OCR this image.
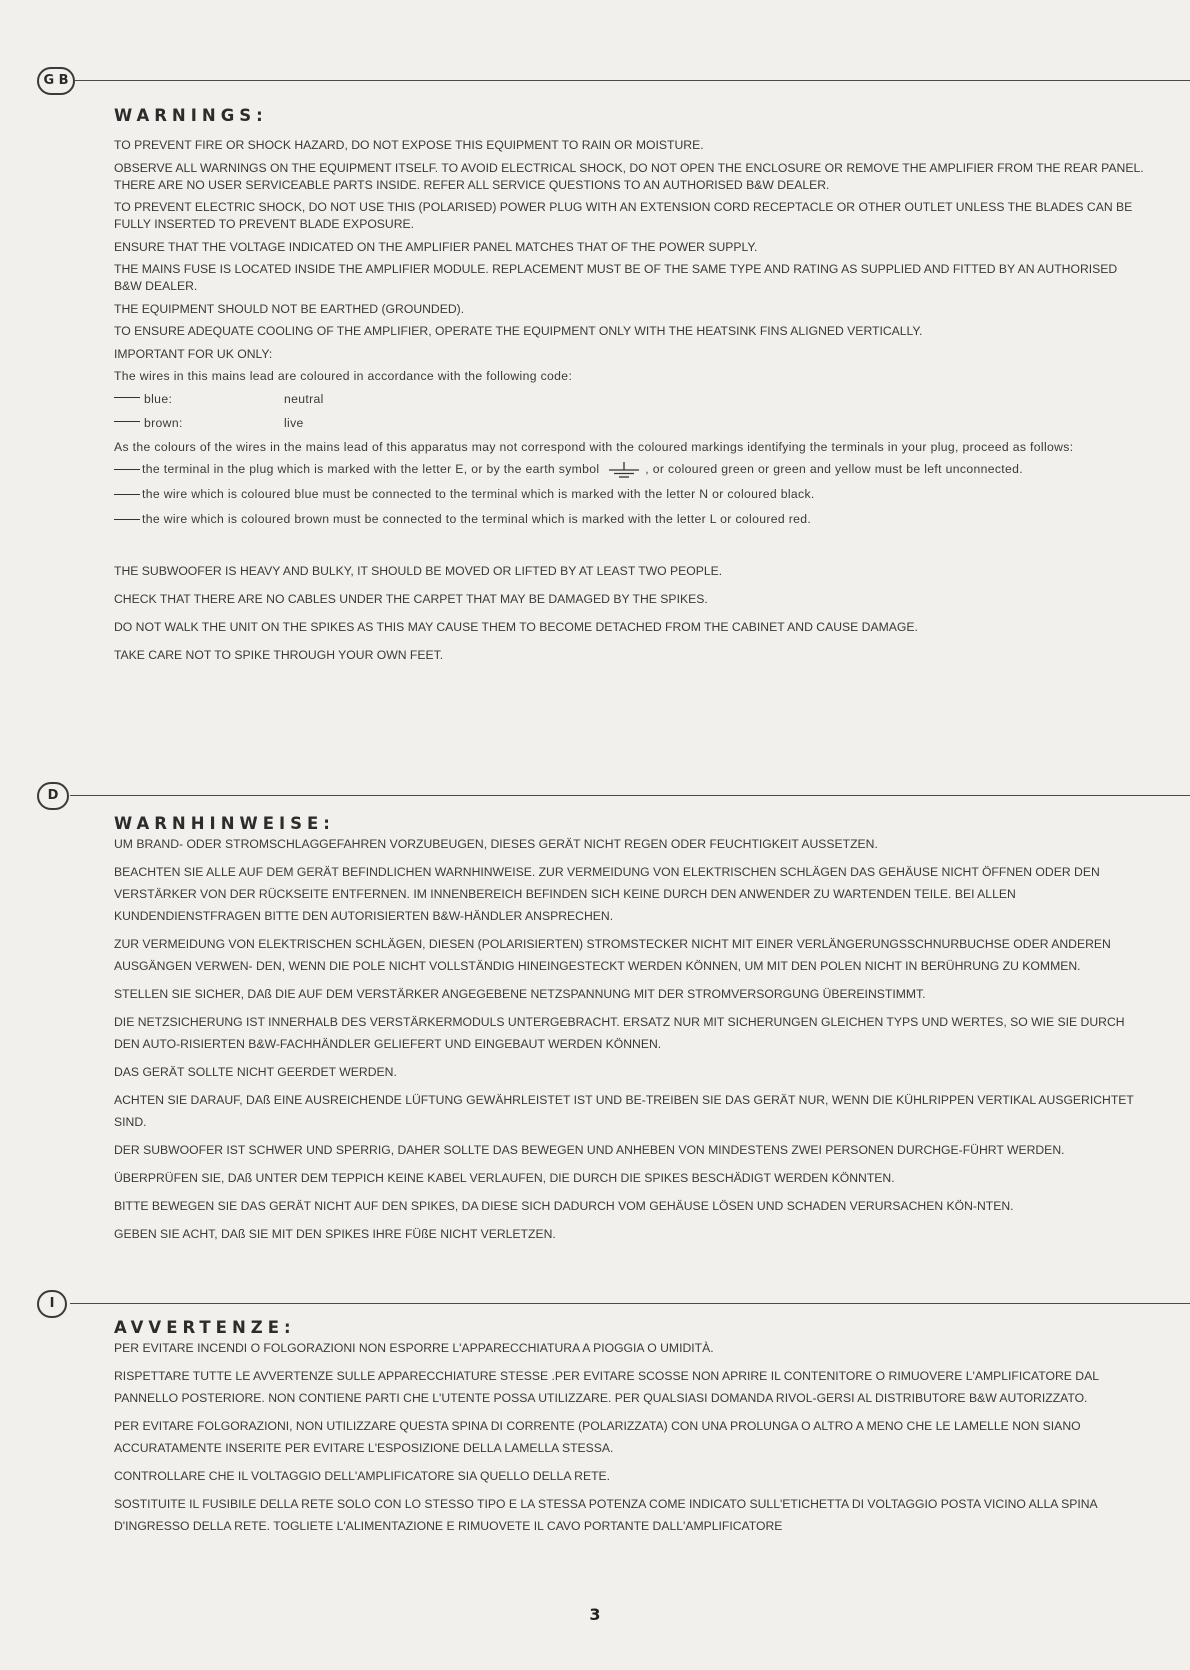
G B
WARNINGS:

TO PREVENT FIRE OR SHOCK HAZARD, DO NOT EXPOSE THIS EQUIPMENT TO RAIN OR MOISTURE.

OBSERVE ALL WARNINGS ON THE EQUIPMENT ITSELF. TO AVOID ELECTRICAL SHOCK, DO NOT OPEN THE ENCLOSURE OR REMOVE THE AMPLIFIER FROM THE REAR PANEL. THERE ARE NO USER SERVICEABLE PARTS INSIDE. REFER ALL SERVICE QUESTIONS TO AN AUTHORISED B&W DEALER.

TO PREVENT ELECTRIC SHOCK, DO NOT USE THIS (POLARISED) POWER PLUG WITH AN EXTENSION CORD RECEPTACLE OR OTHER OUTLET UNLESS THE BLADES CAN BE FULLY INSERTED TO PREVENT BLADE EXPOSURE.

ENSURE THAT THE VOLTAGE INDICATED ON THE AMPLIFIER PANEL MATCHES THAT OF THE POWER SUPPLY.

THE MAINS FUSE IS LOCATED INSIDE THE AMPLIFIER MODULE. REPLACEMENT MUST BE OF THE SAME TYPE AND RATING AS SUPPLIED AND FITTED BY AN AUTHORISED B&W DEALER.

THE EQUIPMENT SHOULD NOT BE EARTHED (GROUNDED).

TO ENSURE ADEQUATE COOLING OF THE AMPLIFIER, OPERATE THE EQUIPMENT ONLY WITH THE HEATSINK FINS ALIGNED VERTICALLY.

IMPORTANT FOR UK ONLY:

The wires in this mains lead are coloured in accordance with the following code:

blue:	neutral
brown:	live

As the colours of the wires in the mains lead of this apparatus may not correspond with the coloured markings identifying the terminals in your plug, proceed as follows:

the terminal in the plug which is marked with the letter E, or by the earth symbol	, or coloured green or green and yellow must be left unconnected.
the wire which is coloured blue must be connected to the terminal which is marked with the letter N or coloured black.
the wire which is coloured brown must be connected to the terminal which is marked with the letter L or coloured red.

THE SUBWOOFER IS HEAVY AND BULKY, IT SHOULD BE MOVED OR LIFTED BY AT LEAST TWO PEOPLE.

CHECK THAT THERE ARE NO CABLES UNDER THE CARPET THAT MAY BE DAMAGED BY THE SPIKES.

DO NOT WALK THE UNIT ON THE SPIKES AS THIS MAY CAUSE THEM TO BECOME DETACHED FROM THE CABINET AND CAUSE DAMAGE.

TAKE CARE NOT TO SPIKE THROUGH YOUR OWN FEET.

D
WARNHINWEISE:

UM BRAND- ODER STROMSCHLAGGEFAHREN VORZUBEUGEN, DIESES GERÄT NICHT REGEN ODER FEUCHTIGKEIT AUSSETZEN.

BEACHTEN SIE ALLE AUF DEM GERÄT BEFINDLICHEN WARNHINWEISE. ZUR VERMEIDUNG VON ELEKTRISCHEN SCHLÄGEN DAS GEHÄUSE NICHT ÖFFNEN ODER DEN VERSTÄRKER VON DER RÜCKSEITE ENTFERNEN. IM INNENBEREICH BEFINDEN SICH KEINE DURCH DEN ANWENDER ZU WARTENDEN TEILE. BEI ALLEN KUNDENDIENSTFRAGEN BITTE DEN AUTORISIERTEN B&W-HÄNDLER ANSPRECHEN.

ZUR VERMEIDUNG VON ELEKTRISCHEN SCHLÄGEN, DIESEN (POLARISIERTEN) STROMSTECKER NICHT MIT EINER VERLÄNGERUNGSSCHNURBUCHSE ODER ANDEREN AUSGÄNGEN VERWEN- DEN, WENN DIE POLE NICHT VOLLSTÄNDIG HINEINGESTECKT WERDEN KÖNNEN, UM MIT DEN POLEN NICHT IN BERÜHRUNG ZU KOMMEN.

STELLEN SIE SICHER, DAß DIE AUF DEM VERSTÄRKER ANGEGEBENE NETZSPANNUNG MIT DER STROMVERSORGUNG ÜBEREINSTIMMT.

DIE NETZSICHERUNG IST INNERHALB DES VERSTÄRKERMODULS UNTERGEBRACHT. ERSATZ NUR MIT SICHERUNGEN GLEICHEN TYPS UND WERTES, SO WIE SIE DURCH DEN AUTO-RISIERTEN B&W-FACHHÄNDLER GELIEFERT UND EINGEBAUT WERDEN KÖNNEN.

DAS GERÄT SOLLTE NICHT GEERDET WERDEN.

ACHTEN SIE DARAUF, DAß EINE AUSREICHENDE LÜFTUNG GEWÄHRLEISTET IST UND BE-TREIBEN SIE DAS GERÄT NUR, WENN DIE KÜHLRIPPEN VERTIKAL AUSGERICHTET SIND.

DER SUBWOOFER IST SCHWER UND SPERRIG, DAHER SOLLTE DAS BEWEGEN UND ANHEBEN VON MINDESTENS ZWEI PERSONEN DURCHGE-FÜHRT WERDEN.

ÜBERPRÜFEN SIE, DAß UNTER DEM TEPPICH KEINE KABEL VERLAUFEN, DIE DURCH DIE SPIKES BESCHÄDIGT WERDEN KÖNNTEN.

BITTE BEWEGEN SIE DAS GERÄT NICHT AUF DEN SPIKES, DA DIESE SICH DADURCH VOM GEHÄUSE LÖSEN UND SCHADEN VERURSACHEN KÖN-NTEN.

GEBEN SIE ACHT, DAß SIE MIT DEN SPIKES IHRE FÜßE NICHT VERLETZEN.

I
AVVERTENZE:

PER EVITARE INCENDI O FOLGORAZIONI NON ESPORRE L'APPARECCHIATURA A PIOGGIA O UMIDITÀ.

RISPETTARE TUTTE LE AVVERTENZE SULLE APPARECCHIATURE STESSE .PER EVITARE SCOSSE NON APRIRE IL CONTENITORE O RIMUOVERE L'AMPLIFICATORE DAL PANNELLO POSTERIORE. NON CONTIENE PARTI CHE L'UTENTE POSSA UTILIZZARE. PER QUALSIASI DOMANDA RIVOL-GERSI AL DISTRIBUTORE B&W AUTORIZZATO.

PER EVITARE FOLGORAZIONI, NON UTILIZZARE QUESTA SPINA DI CORRENTE (POLARIZZATA) CON UNA PROLUNGA O ALTRO A MENO CHE LE LAMELLE NON SIANO ACCURATAMENTE INSERITE PER EVITARE L'ESPOSIZIONE DELLA LAMELLA STESSA.

CONTROLLARE CHE IL VOLTAGGIO DELL'AMPLIFICATORE SIA QUELLO DELLA RETE.

SOSTITUITE IL FUSIBILE DELLA RETE SOLO CON LO STESSO TIPO E LA STESSA POTENZA COME INDICATO SULL'ETICHETTA DI VOLTAGGIO POSTA VICINO ALLA SPINA D'INGRESSO DELLA RETE. TOGLIETE L'ALIMENTAZIONE E RIMUOVETE IL CAVO PORTANTE DALL'AMPLIFICATORE

3
